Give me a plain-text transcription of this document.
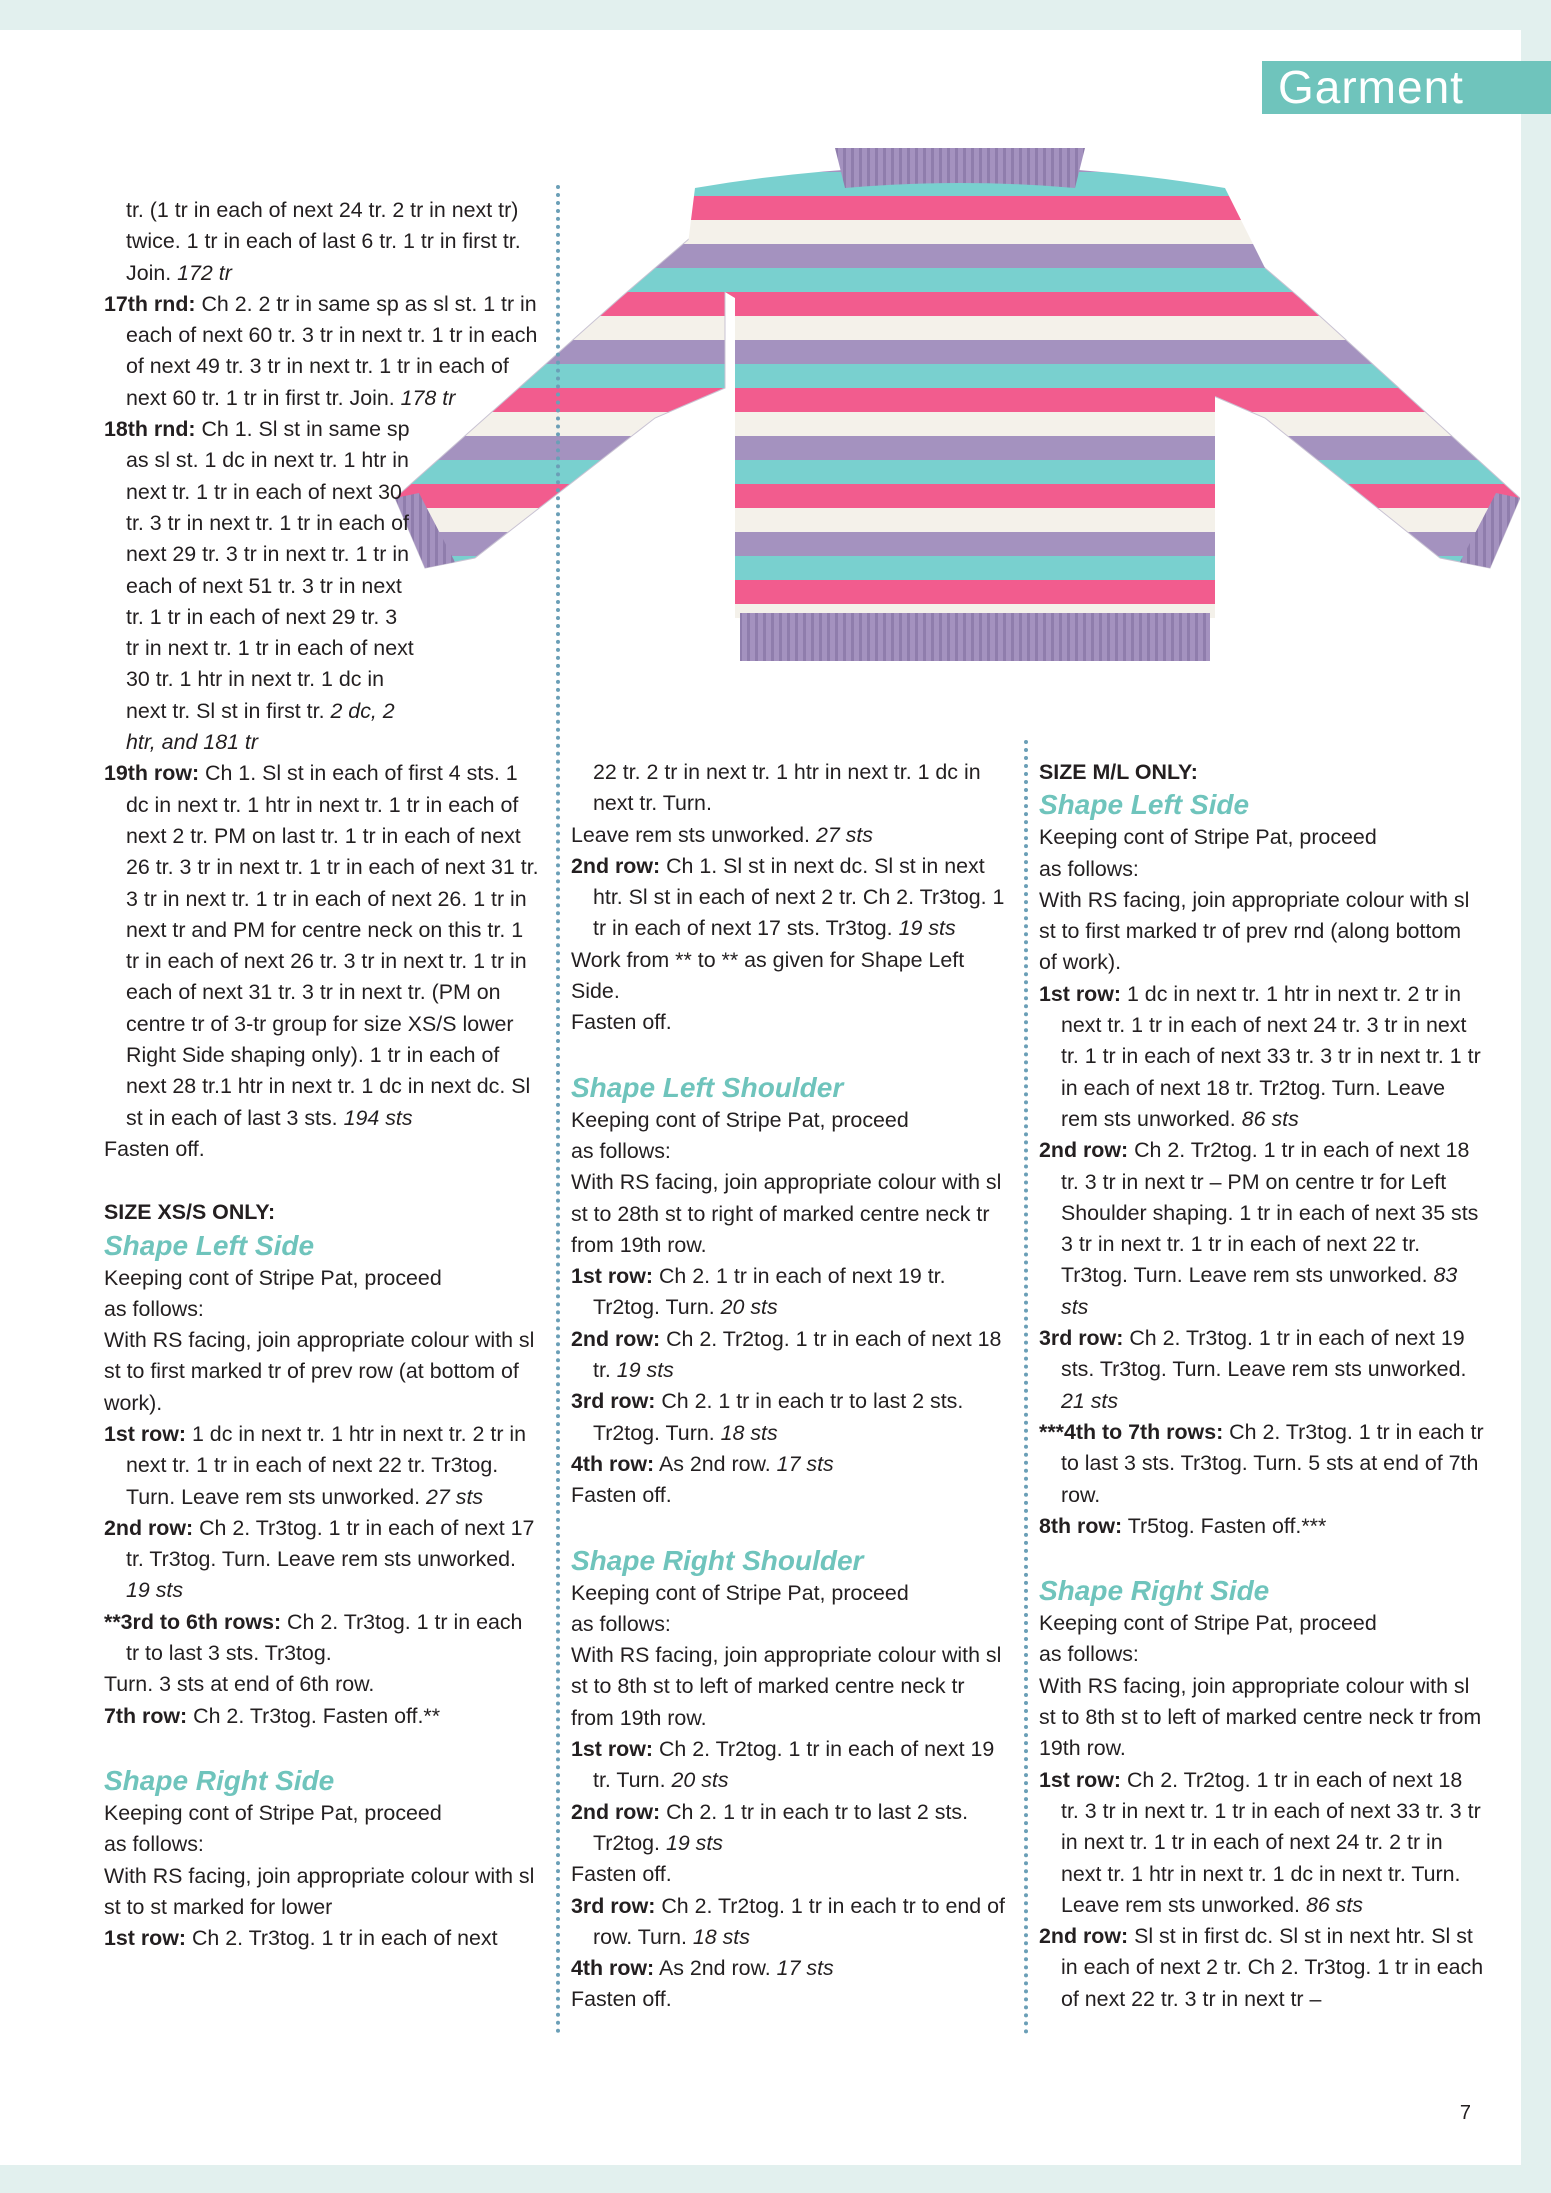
Garment

tr. (1 tr in each of next 24 tr. 2 tr in next tr) twice. 1 tr in each of last 6 tr. 1 tr in first tr. Join. 172 tr

17th rnd: Ch 2. 2 tr in same sp as sl st. 1 tr in each of next 60 tr. 3 tr in next tr. 1 tr in each of next 49 tr. 3 tr in next tr. 1 tr in each of next 60 tr. 1 tr in first tr. Join. 178 tr

18th rnd: Ch 1. Sl st in same sp as sl st. 1 dc in next tr. 1 htr in next tr. 1 tr in each of next 30 tr. 3 tr in next tr. 1 tr in each of next 29 tr. 3 tr in next tr. 1 tr in each of next 51 tr. 3 tr in next tr. 1 tr in each of next 29 tr. 3 tr in next tr. 1 tr in each of next 30 tr. 1 htr in next tr. 1 dc in next tr. Sl st in first tr. 2 dc, 2 htr, and 181 tr

19th row: Ch 1. Sl st in each of first 4 sts. 1 dc in next tr. 1 htr in next tr. 1 tr in each of next 2 tr. PM on last tr. 1 tr in each of next 26 tr. 3 tr in next tr. 1 tr in each of next 31 tr. 3 tr in next tr. 1 tr in each of next 26. 1 tr in next tr and PM for centre neck on this tr. 1 tr in each of next 26 tr. 3 tr in next tr. 1 tr in each of next 31 tr. 3 tr in next tr. (PM on centre tr of 3-tr group for size XS/S lower Right Side shaping only). 1 tr in each of next 28 tr.1 htr in next tr. 1 dc in next dc. Sl st in each of last 3 sts. 194 sts

Fasten off.

SIZE XS/S ONLY:

Shape Left Side

Keeping cont of Stripe Pat, proceed

as follows:

With RS facing, join appropriate colour with sl st to first marked tr of prev row (at bottom of work).

1st row: 1 dc in next tr. 1 htr in next tr. 2 tr in next tr. 1 tr in each of next 22 tr. Tr3tog. Turn. Leave rem sts unworked. 27 sts

2nd row: Ch 2. Tr3tog. 1 tr in each of next 17 tr. Tr3tog. Turn. Leave rem sts unworked. 19 sts

**3rd to 6th rows: Ch 2. Tr3tog. 1 tr in each tr to last 3 sts. Tr3tog.

Turn. 3 sts at end of 6th row.

7th row: Ch 2. Tr3tog. Fasten off.**

Shape Right Side

Keeping cont of Stripe Pat, proceed

as follows:

With RS facing, join appropriate colour with sl st to st marked for lower

1st row: Ch 2. Tr3tog. 1 tr in each of next

22 tr. 2 tr in next tr. 1 htr in next tr. 1 dc in next tr. Turn.

Leave rem sts unworked. 27 sts

2nd row: Ch 1. Sl st in next dc. Sl st in next htr. Sl st in each of next 2 tr. Ch 2. Tr3tog. 1 tr in each of next 17 sts. Tr3tog. 19 sts

Work from ** to ** as given for Shape Left Side.

Fasten off.

Shape Left Shoulder

Keeping cont of Stripe Pat, proceed

as follows:

With RS facing, join appropriate colour with sl st to 28th st to right of marked centre neck tr from 19th row.

1st row: Ch 2. 1 tr in each of next 19 tr. Tr2tog. Turn. 20 sts

2nd row: Ch 2. Tr2tog. 1 tr in each of next 18 tr. 19 sts

3rd row: Ch 2. 1 tr in each tr to last 2 sts. Tr2tog. Turn. 18 sts

4th row: As 2nd row. 17 sts

Fasten off.

Shape Right Shoulder

Keeping cont of Stripe Pat, proceed

as follows:

With RS facing, join appropriate colour with sl st to 8th st to left of marked centre neck tr from 19th row.

1st row: Ch 2. Tr2tog. 1 tr in each of next 19 tr. Turn. 20 sts

2nd row: Ch 2. 1 tr in each tr to last 2 sts. Tr2tog. 19 sts

Fasten off.

3rd row: Ch 2. Tr2tog. 1 tr in each tr to end of row. Turn. 18 sts

4th row: As 2nd row. 17 sts

Fasten off.

SIZE M/L ONLY:

Shape Left Side

Keeping cont of Stripe Pat, proceed

as follows:

With RS facing, join appropriate colour with sl st to first marked tr of prev rnd (along bottom of work).

1st row: 1 dc in next tr. 1 htr in next tr. 2 tr in next tr. 1 tr in each of next 24 tr. 3 tr in next tr. 1 tr in each of next 33 tr. 3 tr in next tr. 1 tr in each of next 18 tr. Tr2tog. Turn. Leave rem sts unworked. 86 sts

2nd row: Ch 2. Tr2tog. 1 tr in each of next 18 tr. 3 tr in next tr – PM on centre tr for Left Shoulder shaping. 1 tr in each of next 35 sts 3 tr in next tr. 1 tr in each of next 22 tr. Tr3tog. Turn. Leave rem sts unworked. 83 sts

3rd row: Ch 2. Tr3tog. 1 tr in each of next 19 sts. Tr3tog. Turn. Leave rem sts unworked. 21 sts

***4th to 7th rows: Ch 2. Tr3tog. 1 tr in each tr to last 3 sts. Tr3tog. Turn. 5 sts at end of 7th row.

8th row: Tr5tog. Fasten off.***

Shape Right Side

Keeping cont of Stripe Pat, proceed

as follows:

With RS facing, join appropriate colour with sl st to 8th st to left of marked centre neck tr from 19th row.

1st row: Ch 2. Tr2tog. 1 tr in each of next 18 tr. 3 tr in next tr. 1 tr in each of next 33 tr. 3 tr in next tr. 1 tr in each of next 24 tr. 2 tr in next tr. 1 htr in next tr. 1 dc in next tr. Turn. Leave rem sts unworked. 86 sts

2nd row: Sl st in first dc. Sl st in next htr. Sl st in each of next 2 tr. Ch 2. Tr3tog. 1 tr in each of next 22 tr. 3 tr in next tr –

7
